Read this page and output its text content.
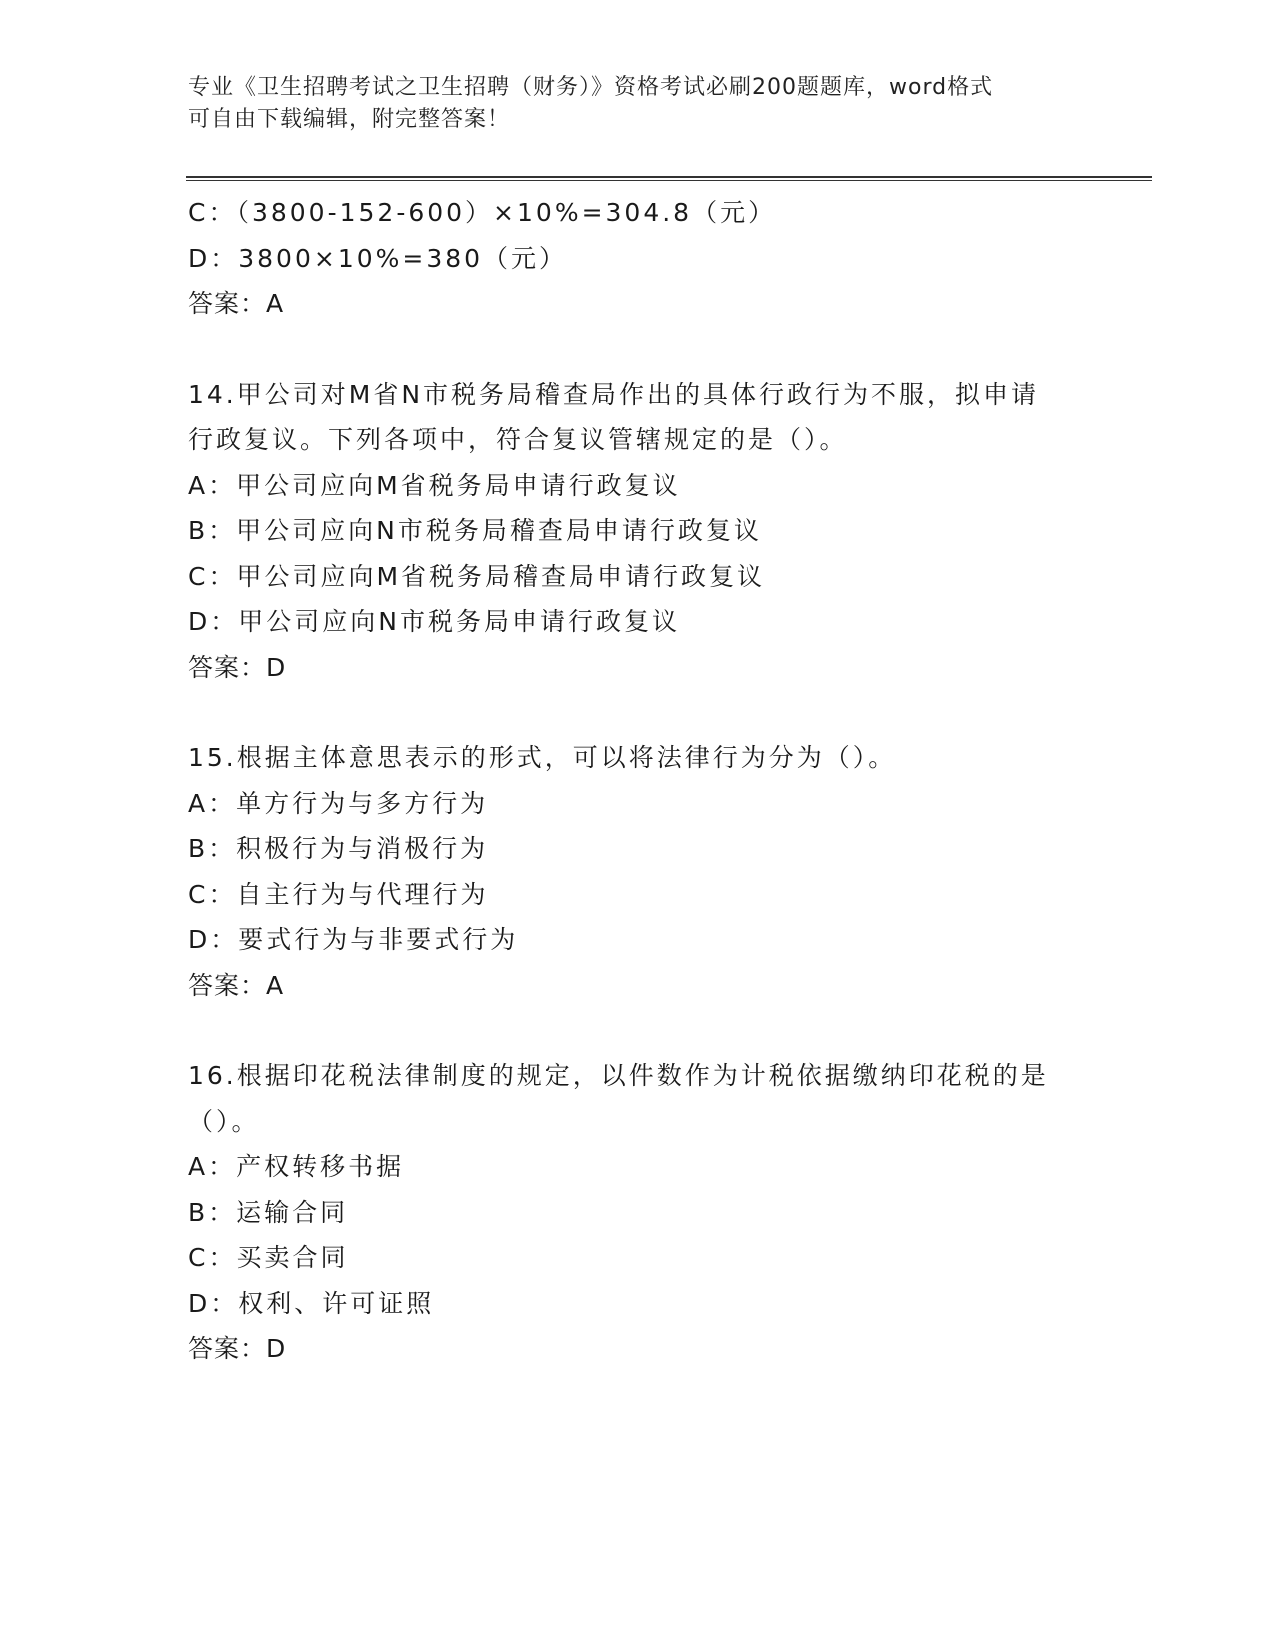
专业《卫生招聘考试之卫生招聘（财务）》资格考试必刷200题题库，word格式
可自由下载编辑，附完整答案！
C：（3800-152-600）×10%=304.8（元）
D：3800×10%=380（元）
答案：A
14.甲公司对M省N市税务局稽查局作出的具体行政行为不服，拟申请
行政复议。下列各项中，符合复议管辖规定的是（）。
A：甲公司应向M省税务局申请行政复议
B：甲公司应向N市税务局稽查局申请行政复议
C：甲公司应向M省税务局稽查局申请行政复议
D：甲公司应向N市税务局申请行政复议
答案：D
15.根据主体意思表示的形式，可以将法律行为分为（）。
A：单方行为与多方行为
B：积极行为与消极行为
C：自主行为与代理行为
D：要式行为与非要式行为
答案：A
16.根据印花税法律制度的规定，以件数作为计税依据缴纳印花税的是
（）。
A：产权转移书据
B：运输合同
C：买卖合同
D：权利、许可证照
答案：D
